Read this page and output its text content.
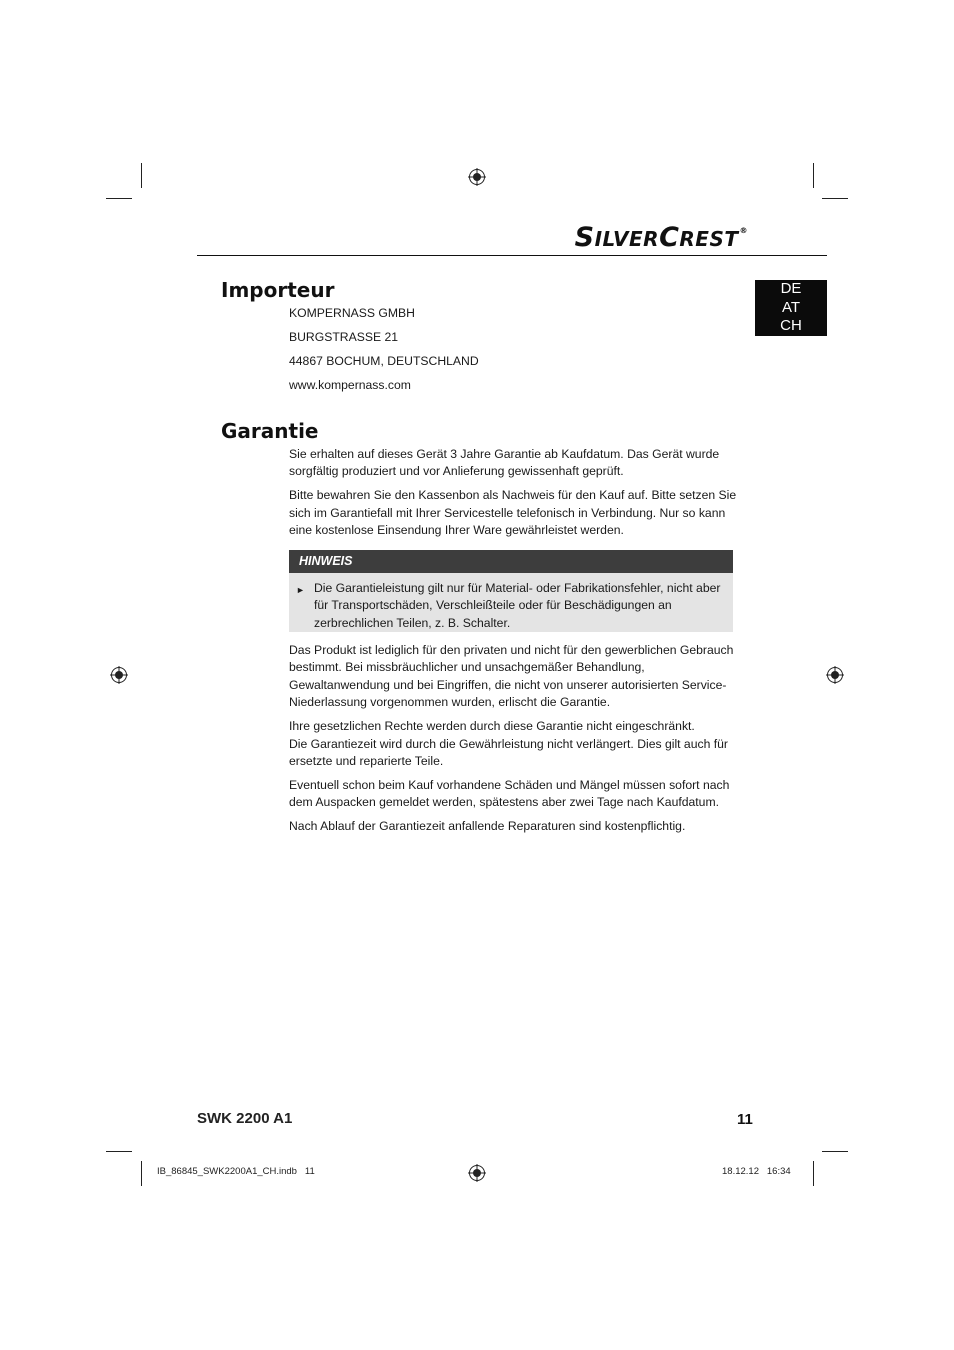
SILVERCREST®
DE
AT
CH
Importeur
KOMPERNASS GMBH
BURGSTRASSE 21
44867 BOCHUM, DEUTSCHLAND
www.kompernass.com
Garantie

Sie erhalten auf dieses Gerät 3 Jahre Garantie ab Kaufdatum. Das Gerät wurde sorgfältig produziert und vor Anlieferung gewissenhaft geprüft.

Bitte bewahren Sie den Kassenbon als Nachweis für den Kauf auf. Bitte setzen Sie sich im Garantiefall mit Ihrer Servicestelle telefonisch in Verbindung. Nur so kann eine kostenlose Einsendung Ihrer Ware gewährleistet werden.

HINWEIS
► Die Garantieleistung gilt nur für Material- oder Fabrikationsfehler, nicht aber für Transportschäden, Verschleißteile oder für Beschädigungen an zerbrechlichen Teilen, z. B. Schalter.

Das Produkt ist lediglich für den privaten und nicht für den gewerblichen Gebrauch bestimmt. Bei missbräuchlicher und unsachgemäßer Behandlung, Gewaltanwendung und bei Eingriffen, die nicht von unserer autorisierten Service-Niederlassung vorgenommen wurden, erlischt die Garantie.

Ihre gesetzlichen Rechte werden durch diese Garantie nicht eingeschränkt.

Die Garantiezeit wird durch die Gewährleistung nicht verlängert. Dies gilt auch für ersetzte und reparierte Teile.

Eventuell schon beim Kauf vorhandene Schäden und Mängel müssen sofort nach dem Auspacken gemeldet werden, spätestens aber zwei Tage nach Kaufdatum.

Nach Ablauf der Garantiezeit anfallende Reparaturen sind kostenpflichtig.

SWK 2200 A1	11
IB_86845_SWK2200A1_CH.indb   11	18.12.12   16:34
